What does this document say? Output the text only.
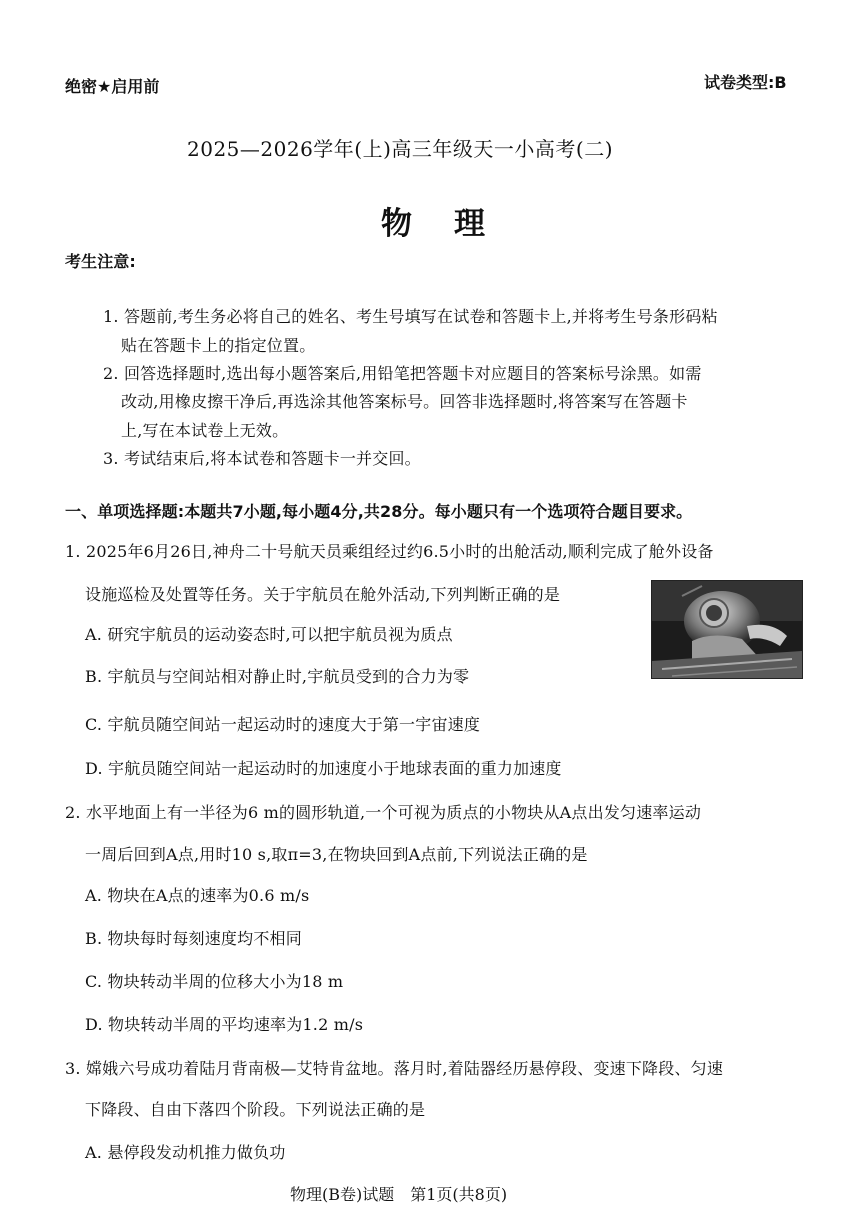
绝密★启用前	试卷类型:B
2025—2026学年(上)高三年级天一小高考(二)
物理
考生注意:
1. 答题前,考生务必将自己的姓名、考生号填写在试卷和答题卡上,并将考生号条形码粘
贴在答题卡上的指定位置。
2. 回答选择题时,选出每小题答案后,用铅笔把答题卡对应题目的答案标号涂黑。如需
改动,用橡皮擦干净后,再选涂其他答案标号。回答非选择题时,将答案写在答题卡
上,写在本试卷上无效。
3. 考试结束后,将本试卷和答题卡一并交回。
一、单项选择题:本题共7小题,每小题4分,共28分。每小题只有一个选项符合题目要求。
1. 2025年6月26日,神舟二十号航天员乘组经过约6.5小时的出舱活动,顺利完成了舱外设备
设施巡检及处置等任务。关于宇航员在舱外活动,下列判断正确的是
A. 研究宇航员的运动姿态时,可以把宇航员视为质点
B. 宇航员与空间站相对静止时,宇航员受到的合力为零
C. 宇航员随空间站一起运动时的速度大于第一宇宙速度
D. 宇航员随空间站一起运动时的加速度小于地球表面的重力加速度
2. 水平地面上有一半径为6 m的圆形轨道,一个可视为质点的小物块从A点出发匀速率运动
一周后回到A点,用时10 s,取π=3,在物块回到A点前,下列说法正确的是
A. 物块在A点的速率为0.6 m/s
B. 物块每时每刻速度均不相同
C. 物块转动半周的位移大小为18 m
D. 物块转动半周的平均速率为1.2 m/s
3. 嫦娥六号成功着陆月背南极—艾特肯盆地。落月时,着陆器经历悬停段、变速下降段、匀速
下降段、自由下落四个阶段。下列说法正确的是
A. 悬停段发动机推力做负功
物理(B卷)试题　第1页(共8页)
